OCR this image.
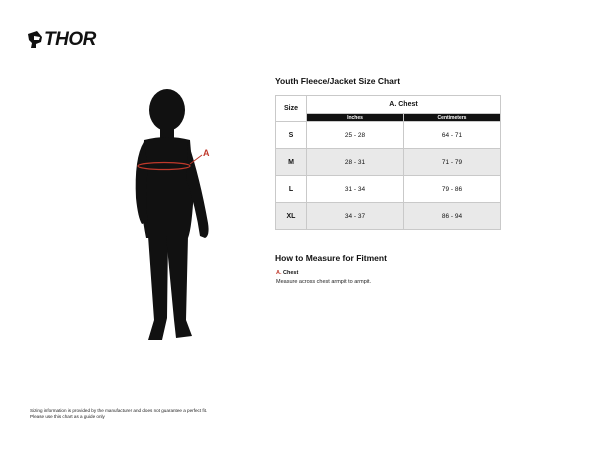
THOR
A
Youth Fleece/Jacket Size Chart
Size	A. Chest	
	Inches	Centimeters
S	25 - 28	64 - 71
M	28 - 31	71 - 79
L	31 - 34	79 - 86
XL	34 - 37	86 - 94
How to Measure for Fitment
A. Chest
Measure across chest armpit to armpit.
Sizing information is provided by the manufacturer and does not guarantee a perfect fit.
Please use this chart as a guide only
